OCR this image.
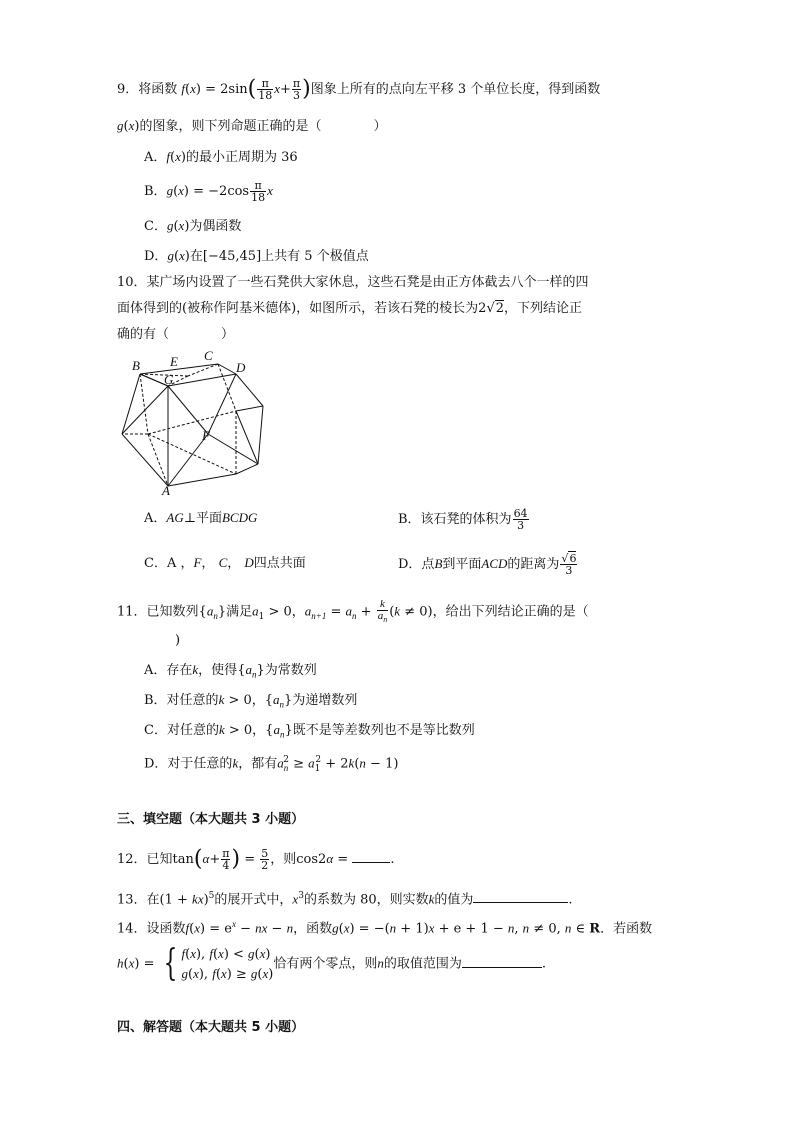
9．将函数 $f(x) = 2\sin( \frac{\pi}{18} x+ \frac{\pi}{3}$ )图象上所有的点向左平移 3 个单位长度，得到函数
g(x)的图象，则下列命题正确的是（　　　　）
A．f(x)的最小正周期为 36
B．$g(x) = -2\cos \frac{\pi}{18}$ x
C．g(x)为偶函数
D．g(x)在[−45,45]上共有 5 个极值点
10．某广场内设置了一些石凳供大家休息，这些石凳是由正方体截去八个一样的四
面体得到的(被称作阿基米德体)，如图所示，若该石凳的棱长为2√2，下列结论正
确的有（　　　　）
B E C
D
G
F
A
A．AG⊥平面BCDG	B．该石凳的体积为 $\frac{64}{3}$
C．A ，F， C， D四点共面	D．点B到平面ACD的距离为 $\frac{√6}{3}$
11．已知数列$\{a_n\}$满足$a_1 > 0$，$a_{n+1} = a_n + \frac{k}{a_n} (k \ne 0)$，给出下列结论正确的是（
)
A．存在k，使得$\{a_n\}$为常数列
B．对任意的k > 0，$\{a_n\}$为递增数列
C．对任意的k > 0，$\{a_n\}$既不是等差数列也不是等比数列
D．对于任意的k，都有$a_n^2 \ge a_1^2 + 2k(n - 1)$
三、填空题（本大题共 3 小题）
12．已知$\tan(\alpha+ \frac{\pi}{4}$ ) = $\frac{5}{2}$ ，则cos2α =	.
13．在(1 + kx)$^5$的展开式中，$x^3$的系数为 80，则实数k的值为	.
14．设函数$f(x) = e^x$ − nx − n，函数g(x) = −(n + 1)x + e + 1 − n, n ≠ 0, n ∈ R．若函数
h(x) = { f(x), f(x) < g(x)
g(x), f(x) ≥ g(x)
恰有两个零点，则n的取值范围为	.
四、解答题（本大题共 5 小题）
